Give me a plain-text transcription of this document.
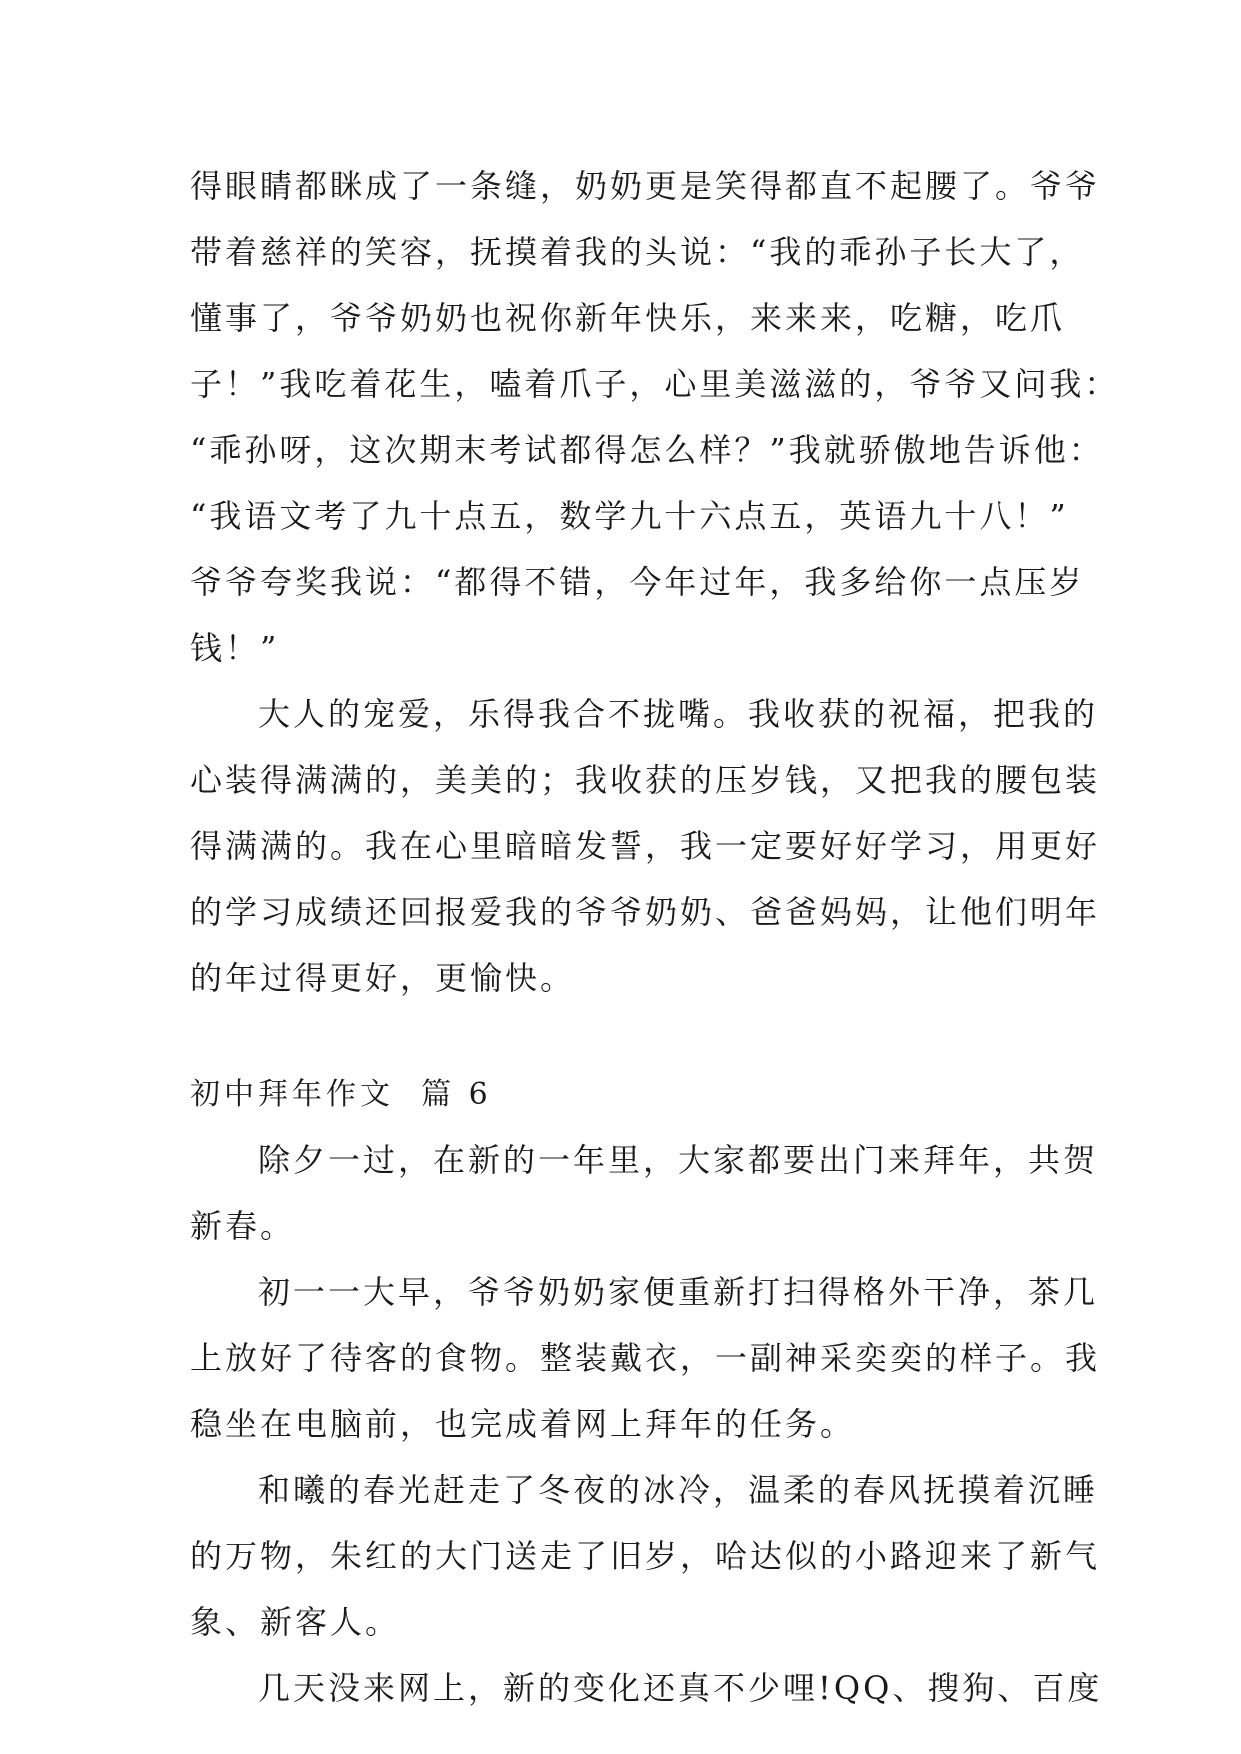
得眼睛都眯成了一条缝，奶奶更是笑得都直不起腰了。爷爷
带着慈祥的笑容，抚摸着我的头说：“我的乖孙子长大了，
懂事了，爷爷奶奶也祝你新年快乐，来来来，吃糖，吃爪
子！”我吃着花生，嗑着爪子，心里美滋滋的，爷爷又问我：
“乖孙呀，这次期末考试都得怎么样？”我就骄傲地告诉他：
“我语文考了九十点五，数学九十六点五，英语九十八！”
爷爷夸奖我说：“都得不错，今年过年，我多给你一点压岁
钱！”
大人的宠爱，乐得我合不拢嘴。我收获的祝福，把我的
心装得满满的，美美的；我收获的压岁钱，又把我的腰包装
得满满的。我在心里暗暗发誓，我一定要好好学习，用更好
的学习成绩还回报爱我的爷爷奶奶、爸爸妈妈，让他们明年
的年过得更好，更愉快。
初中拜年作文  篇 6
除夕一过，在新的一年里，大家都要出门来拜年，共贺
新春。
初一一大早，爷爷奶奶家便重新打扫得格外干净，茶几
上放好了待客的食物。整装戴衣，一副神采奕奕的样子。我
稳坐在电脑前，也完成着网上拜年的任务。
和曦的春光赶走了冬夜的冰冷，温柔的春风抚摸着沉睡
的万物，朱红的大门送走了旧岁，哈达似的小路迎来了新气
象、新客人。
几天没来网上，新的变化还真不少哩!QQ、搜狗、百度
